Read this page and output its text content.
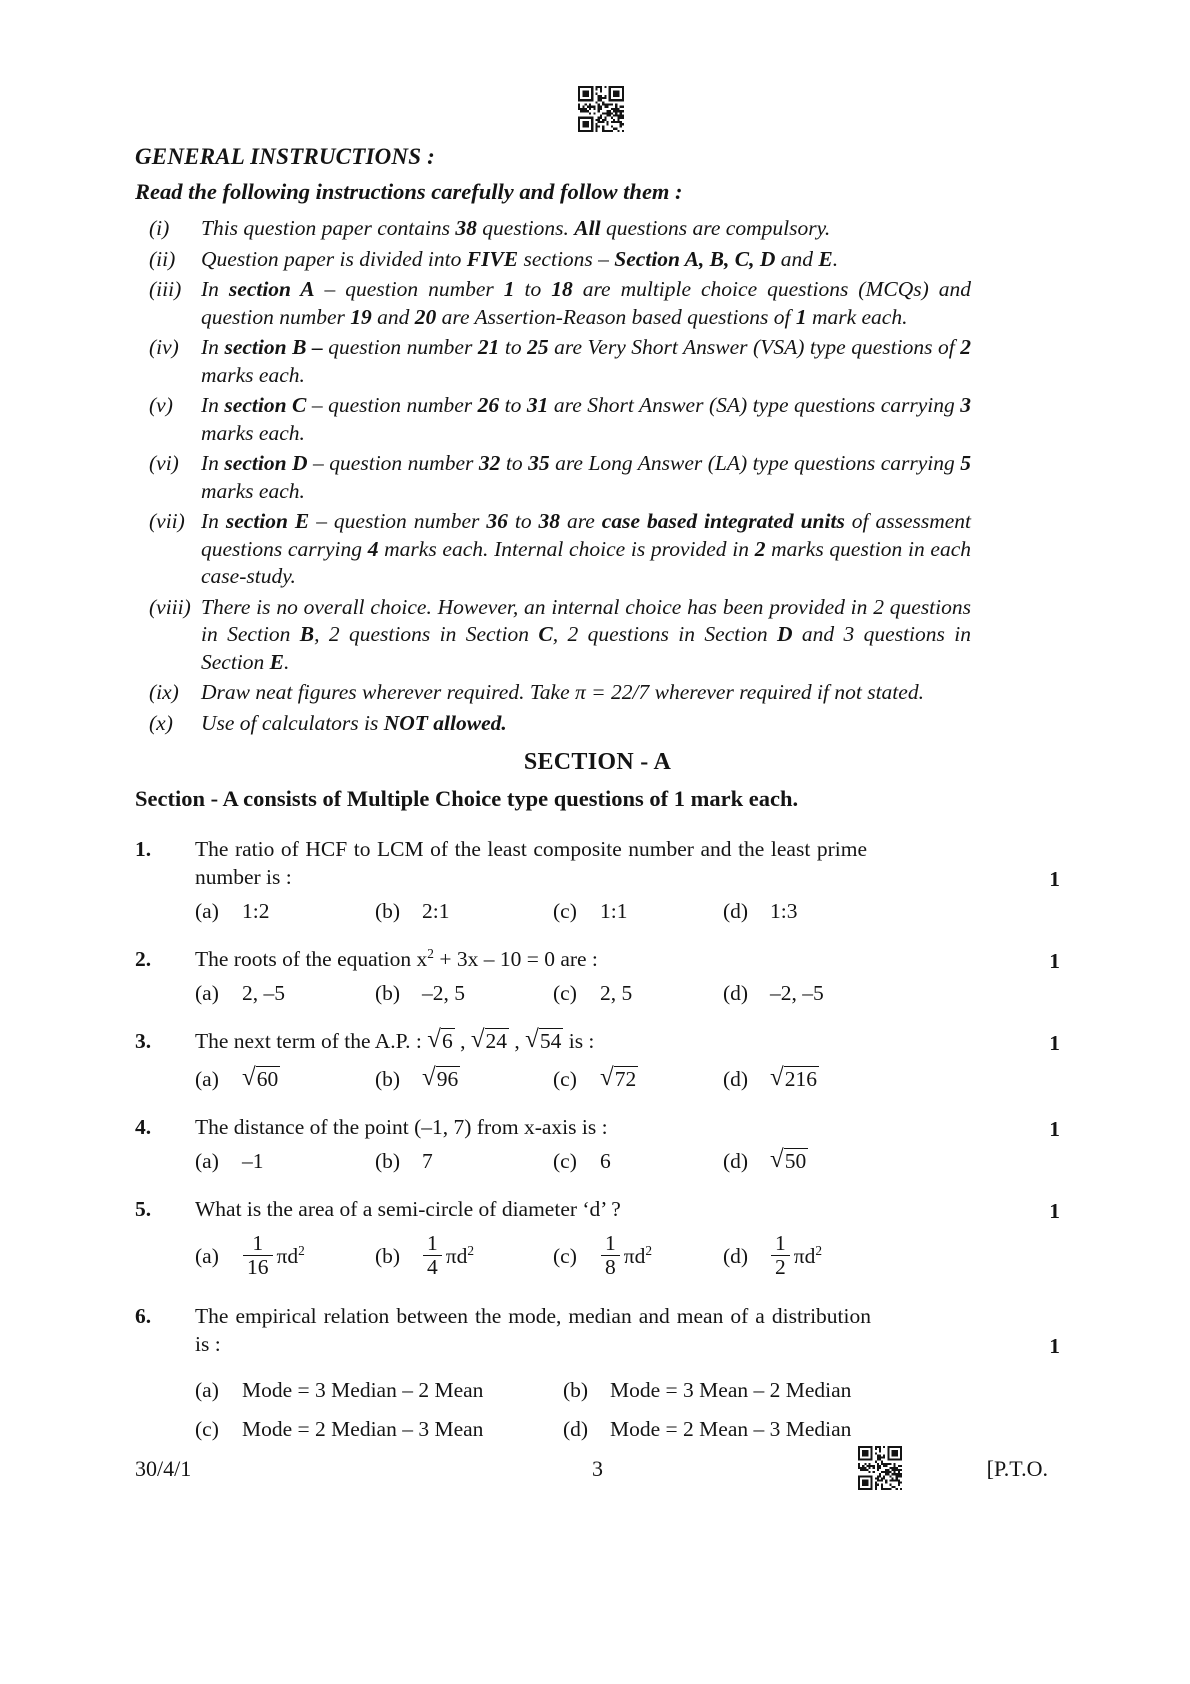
GENERAL INSTRUCTIONS :
Read the following instructions carefully and follow them :
(i)	This question paper contains 38 questions. All questions are compulsory.
(ii)	Question paper is divided into FIVE sections – Section A, B, C, D and E.
(iii) In section A – question number 1 to 18 are multiple choice questions (MCQs) and question number 19 and 20 are Assertion-Reason based questions of 1 mark each.
(iv)	In section B – question number 21 to 25 are Very Short Answer (VSA) type questions of 2 marks each.
(v)	In section C – question number 26 to 31 are Short Answer (SA) type questions carrying 3 marks each.
(vi)	In section D – question number 32 to 35 are Long Answer (LA) type questions carrying 5 marks each.
(vii) In section E – question number 36 to 38 are case based integrated units of assessment questions carrying 4 marks each. Internal choice is provided in 2 marks question in each case-study.
(viii) There is no overall choice. However, an internal choice has been provided in 2 questions in Section B, 2 questions in Section C, 2 questions in Section D and 3 questions in Section E.
(ix)	Draw neat figures wherever required. Take π = 22/7 wherever required if not stated.
(x)	Use of calculators is NOT allowed.
SECTION - A
Section - A consists of Multiple Choice type questions of 1 mark each.
1.	The ratio of HCF to LCM of the least composite number and the least prime number is :
(a)	1:2	(b)	2:1	(c)	1:1	(d)	1:3
1
2.	The roots of the equation $x^2 + 3x - 10 = 0$ are :
(a)	2, –5	(b)	–2, 5	(c)	2, 5	(d)	–2, –5
1
3.	The next term of the A.P. : √6 , √24 , √54 is :
(a) √60	(b) √96	(c) √72	(d) √216
1
4.	The distance of the point (–1, 7) from x-axis is :
(a)	–1	(b)	7	(c)	6	(d) √50
1
5.	What is the area of a semi-circle of diameter ‘d’ ?
(a)	$\frac{1}{16} \pi d^2$	(b)	$\frac{1}{4} \pi d^2$	(c)	$\frac{1}{8} \pi d^2$	(d)	$\frac{1}{2} \pi d^2$
1
6.	The empirical relation between the mode, median and mean of a distribution is :
(a)	Mode = 3 Median – 2 Mean	(b)	Mode = 3 Mean – 2 Median
(c)	Mode = 2 Median – 3 Mean	(d)	Mode = 2 Mean – 3 Median
1
30/4/1	3	[P.T.O.
